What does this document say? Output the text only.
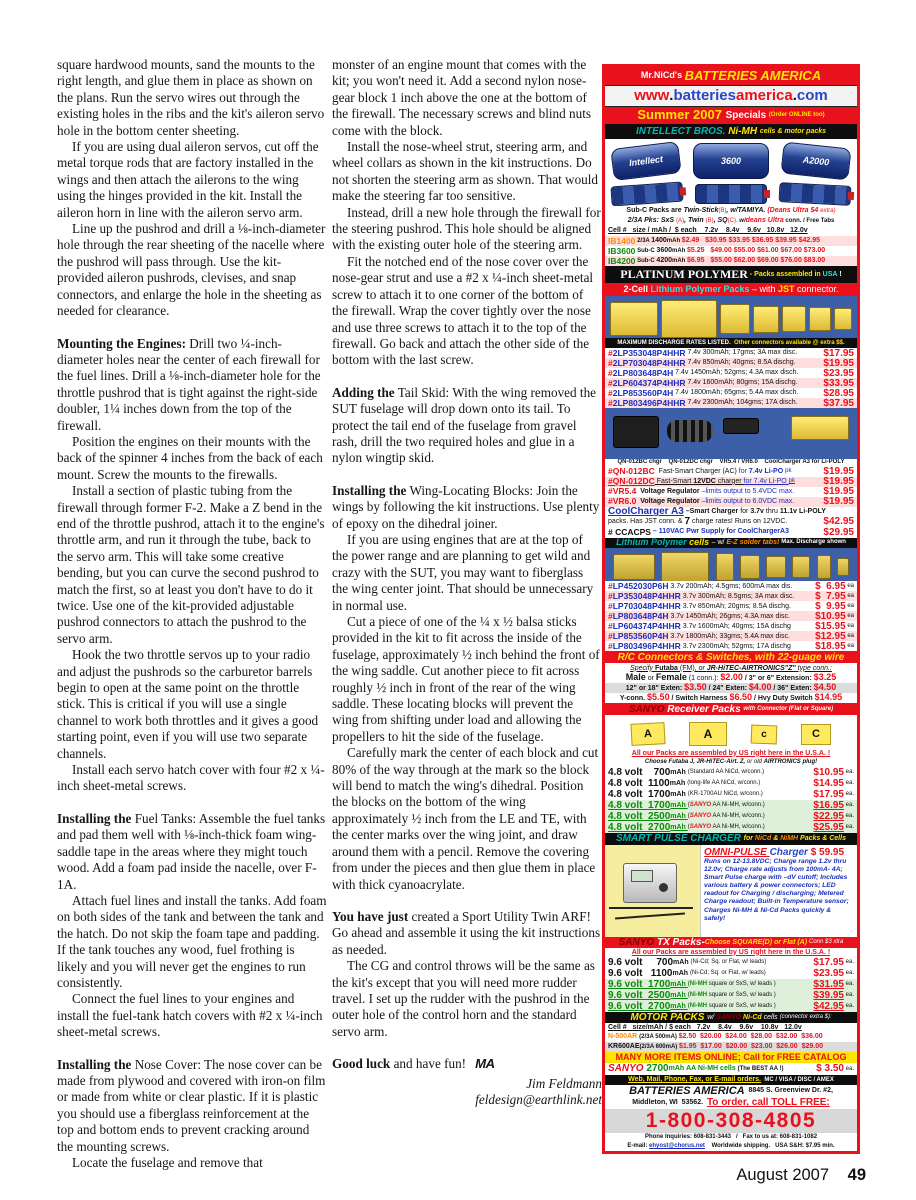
square hardwood mounts, sand the mounts to the right length, and glue them in place as shown on the plans. Run the servo wires out through the existing holes in the ribs and the kit's aileron servo hole in the bottom center sheeting.

If you are using dual aileron servos, cut off the metal torque rods that are factory installed in the wings and then attach the ailerons to the wing using the hinges provided in the kit. Install the aileron horn in line with the aileron servo arm.

Line up the pushrod and drill a ⅛-inch-diameter hole through the rear sheeting of the nacelle where the pushrod will pass through. Use the kit-provided aileron pushrods, clevises, and snap connectors, and enlarge the hole in the sheeting as needed for clearance.

Mounting the Engines: Drill two ¼-inch-diameter holes near the center of each firewall for the fuel lines. Drill a ⅛-inch-diameter hole for the throttle pushrod that is tight against the right-side doubler, 1¼ inches down from the top of the firewall.

Position the engines on their mounts with the back of the spinner 4 inches from the back of each mount. Screw the mounts to the firewalls.

Install a section of plastic tubing from the firewall through former F-2. Make a Z bend in the end of the throttle pushrod, attach it to the engine's throttle arm, and run it through the tube, back to the servo arm. This will take some creative bending, but you can curve the second pushrod to match the first, so at least you don't have to do it twice. Use one of the kit-provided adjustable pushrod connectors to attach the pushrod to the servo arm.

Hook the two throttle servos up to your radio and adjust the pushrods so the carburetor barrels begin to open at the same point on the throttle stick. This is critical if you will use a single channel to work both throttles and it gives a good starting point, even if you will use two separate channels.

Install each servo hatch cover with four #2 x ¼-inch sheet-metal screws.

Installing the Fuel Tanks: Assemble the fuel tanks and pad them well with ⅛-inch-thick foam wing-saddle tape in the areas where they might touch wood. Add a foam pad inside the nacelle, over F-1A.

Attach fuel lines and install the tanks. Add foam on both sides of the tank and between the tank and the hatch. Do not skip the foam tape and padding. If the tank touches any wood, fuel frothing is likely and you will never get the engines to run consistently.

Connect the fuel lines to your engines and install the fuel-tank hatch covers with #2 x ¼-inch sheet-metal screws.

Installing the Nose Cover: The nose cover can be made from plywood and covered with iron-on film or made from white or clear plastic. If it is plastic you should use a fiberglass reinforcement at the top and bottom ends to prevent cracking around the mounting screws.

Locate the fuselage and remove that

monster of an engine mount that comes with the kit; you won't need it. Add a second nylon nose-gear block 1 inch above the one at the bottom of the firewall. The necessary screws and blind nuts come with the block.

Install the nose-wheel strut, steering arm, and wheel collars as shown in the kit instructions. Do not shorten the steering arm as shown. That would make the steering far too sensitive.

Instead, drill a new hole through the firewall for the steering pushrod. This hole should be aligned with the existing outer hole of the steering arm.

Fit the notched end of the nose cover over the nose-gear strut and use a #2 x ¼-inch sheet-metal screw to attach it to one corner of the bottom of the firewall. Wrap the cover tightly over the nose and use three screws to attach it to the top of the firewall. Go back and attach the other side of the bottom with the last screw.

Adding the Tail Skid: With the wing removed the SUT fuselage will drop down onto its tail. To protect the tail end of the fuselage from gravel rash, drill the two required holes and glue in a nylon wingtip skid.

Installing the Wing-Locating Blocks: Join the wings by following the kit instructions. Use plenty of epoxy on the dihedral joiner.

If you are using engines that are at the top of the power range and are planning to get wild and crazy with the SUT, you may want to fiberglass the wing center joint. That should be unnecessary in normal use.

Cut a piece of one of the ¼ x ½ balsa sticks provided in the kit to fit across the inside of the fuselage, approximately ½ inch behind the front of the wing saddle. Cut another piece to fit across roughly ½ inch in front of the rear of the wing saddle. These locating blocks will prevent the wing from shifting under load and allowing the propellers to hit the side of the fuselage.

Carefully mark the center of each block and cut 80% of the way through at the mark so the block will bend to match the wing's dihedral. Position the blocks on the bottom of the wing approximately ½ inch from the LE and TE, with the center marks over the wing joint, and draw around them with a pencil. Remove the covering from under the pieces and then glue them in place with thick cyanoacrylate.

You have just created a Sport Utility Twin ARF! Go ahead and assemble it using the kit instructions as needed.

The CG and control throws will be the same as the kit's except that you will need more rudder travel. I set up the rudder with the pushrod in the outer hole of the control horn and the standard servo arm.

Good luck and have fun! MA

Jim Feldmann
feldesign@earthlink.net
Mr.NiCd's BATTERIES AMERICA
www . batteries america . com
Summer 2007 Specials (Order ONLINE too)
INTELLECT BROS. Ni-MH cells & motor packs
Intellect	3600	A2000
Sub-C Packs are Twin-Stick (B) , w/ TAMIYA. (Deans Ultra $4 extra)
2/3A Pks: SxS (A) , Twin (B) , SQ (C). w/ deans Ultra conn. / Free Tabs
Cell #   size / mAh /  $ each    7.2v    8.4v    9.6v   10.8v   12.0v
IB1400 2/3A 1400 mAh $2.49 $30.95 $33.95 $36.95 $39.95 $42.95
IB3600 Sub-C 3600 mAh $5.25 $49.00 $55.00 $61.00 $67.00 $73.00
IB4200 Sub-C 4200 mAh $6.95 $55.00 $62.00 $69.00 $76.00 $83.00
PLATINUM POLYMER - Packs assembled in USA !
2-Cell Lithium Polymer Packs – with JST connector.
MAXIMUM DISCHARGE RATES LISTED. Other connectors available @ extra $$.
# 2LP353048P4HHR 7.4v 300mAh; 17gms; 3A max disc.	$17.95
# 2LP703048P4HHR 7.4v 850mAh; 40gms; 8.5A dischg.	$19.95
# 2LP803648P4H 7.4v 1450mAh; 52gms; 4.3A max disch. $23.95
# 2LP604374P4HHR 7.4v 1600mAh; 80gms; 15A dischg.	$33.95
# 2LP853560P4H 7.4v 1800mAh; 65gms; 5.4A max disch. $28.95
# 2LP803496P4HHR 7.4v 2300mAh; 104gms; 17A disch.	$37.95
QN-012BC chgr    QN-012DC chgr    VR5.4 / VR6.0    CoolCharger A3 for Li-POLY
#QN-012BC Fast-Smart Charger (AC) for 7.4v Li-PO pk	$19.95
#QN-012DC Fast-Smart 12VDC charger for 7.4v Li-PO pk	$19.95
#VR5.4 Voltage Regulator –limits output to 5.4VDC max.	$19.95
#VR6.0 Voltage Regulator –limits output to 6.0VDC max.	$19.95
CoolCharger A3 –Smart Charger for 3.7v thru 11.1v Li-POLY
packs. Has JST conn. & 7 charge rates! Runs on 12VDC.	$42.95
# CCACPS – 110VAC Pwr Supply for CoolChargerA3	$29.95
Lithium Polymer cells – w/ E-Z solder tabs! Max. Discharge shown
# LP452030P6H 3.7v 200mAh; 4.5gms; 600mA max dis. $  6.95 ea
# LP353048P4HHR 3.7v 300mAh; 8.5gms; 3A max disc. $  7.95 ea
# LP703048P4HHR 3.7v 850mAh; 20gms; 8.5A dischg. $  9.95 ea
# LP803648P4H 3.7v 1450mAh; 26gms; 4.3A max disc. $10.95 ea
# LP604374P4HHR 3.7v 1600mAh; 40gms; 15A dischg $15.95 ea
# LP853560P4H 3.7v 1800mAh; 33gms; 5.4A max disc. $12.95 ea
# LP803496P4HHR 3.7v 2300mAh; 52gms; 17A dischg $18.95 ea
R/C Connectors & Switches, with 22-guage wire
Specify Futaba (FM), or JR-HiTEC-AIRTRONICS"Z" type conn.:
Male or Female (1 conn.): $2.00 / 3" or 6" Extension: $3.25
12" or 18" Exten: $3.50 / 24" Exten: $4.00 / 36" Exten: $4.50
Y-conn. $5.50 / Switch Harness $6.50 / Hvy Duty Switch $14.95
SANYO Receiver Packs with Connector (Flat or Square)
A	A	c	C
All our Packs are assembled by US right here in the U.S.A. !
Choose Futaba J, JR-HiTEC-Airt. Z, or old AIRTRONICS plug!
4.8 volt 700 mAh (Standard AA NiCd, w/conn.)	$10.95 ea.
4.8 volt 1100 mAh (long-life AA NiCd, w/conn.)	$14.95 ea.
4.8 volt 1700 mAh (KR-1700AU NiCd, w/conn.)	$17.95 ea.
4.8 volt  1700 mAh ( SANYO AA Ni-MH, w/conn.)	$16.95 ea.
4.8 volt  2500 mAh ( SANYO AA Ni-MH, w/conn.)	$22.95 ea.
4.8 volt  2700 mAh ( SANYO AA Ni-MH, w/conn.)	$25.95 ea.
SMART PULSE CHARGER for NiCd & NiMH Packs & Cells
OMNI-PULSE Charger $ 59.95
Runs on 12-13.8VDC; Charge range 1.2v thru 12.0v; Charge rate adjusts from 100mA- 4A; Smart Pulse charge with –dV cutoff; Includes various battery & power connectors; LED readout for Charging / discharging; Metered Charge readout; Built-in Temperature sensor; Charges Ni-MH & Ni-Cd Packs quickly & safely!
SANYO TX Packs- Choose SQUARE(D) or Flat (A) Conn $3 xtra
All our Packs are assembled by US right here in the U.S.A. !
9.6 volt 700 mAh (Ni-Cd; Sq. or Flat, w/ leads)	$17.95 ea.
9.6 volt 1100 mAh (Ni-Cd; Sq. or Flat, w/ leads)	$23.95 ea.
9.6 volt  1700 mAh ( Ni-MH square or SxS, w/ leads )	$31.95 ea.
9.6 volt  2500 mAh ( Ni-MH square or SxS, w/ leads )	$39.95 ea.
9.6 volt  2700 mAh ( Ni-MH square or SxS, w/ leads )	$42.95 ea.
MOTOR PACKS w/ SANYO Ni-Cd cells (connector extra $):
Cell #   size/mAh / $ each   7.2v    8.4v    9.6v    10.8v   12.0v
N-500AR (2/3A 500mA) $2.50  $20.00  $24.00  $28.00  $32.00  $36.00
KR600AE (2/3A 600mA) $1.95  $17.00  $20.00  $23.00  $26.00  $29.00
MANY MORE ITEMS ONLINE; Call for FREE CATALOG
SANYO 2700 mAh AA Ni-MH cells (The BEST AA !)	$ 3.50 ea.
Web, Mail, Phone, Fax, or E-mail orders. MC / VISA / DISC / AMEX
BATTERIES AMERICA 8845 S. Greenview Dr. #2,
Middleton, WI  53562. To order, call TOLL FREE:
1-800-308-4805
Phone Inquiries: 608-831-3443   /   Fax to us at: 608-831-1082
E-mail: ehyost@chorus.net Worldwide shipping.   USA S&H: $7.95 min.
August 2007 49
